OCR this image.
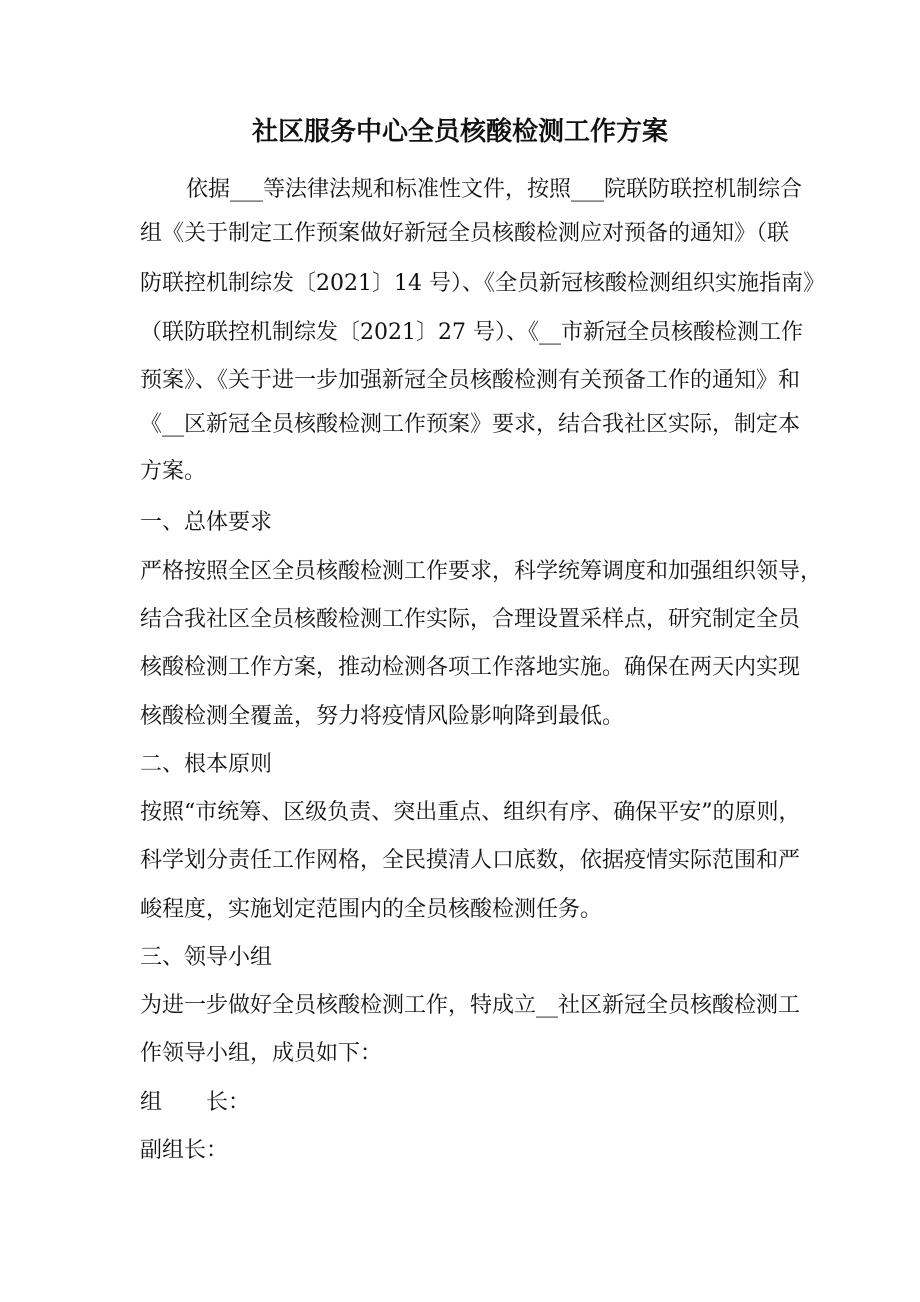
社区服务中心全员核酸检测工作方案
依据___等法律法规和标准性文件，按照___院联防联控机制综合
组《关于制定工作预案做好新冠全员核酸检测应对预备的通知》（联
防联控机制综发〔2021〕14 号）、《全员新冠核酸检测组织实施指南》
（联防联控机制综发〔2021〕27 号）、《__市新冠全员核酸检测工作
预案》、《关于进一步加强新冠全员核酸检测有关预备工作的通知》和
《__区新冠全员核酸检测工作预案》要求，结合我社区实际，制定本
方案。
一、总体要求
严格按照全区全员核酸检测工作要求，科学统筹调度和加强组织领导，
结合我社区全员核酸检测工作实际，合理设置采样点，研究制定全员
核酸检测工作方案，推动检测各项工作落地实施。确保在两天内实现
核酸检测全覆盖，努力将疫情风险影响降到最低。
二、根本原则
按照“市统筹、区级负责、突出重点、组织有序、确保平安”的原则，
科学划分责任工作网格，全民摸清人口底数，依据疫情实际范围和严
峻程度，实施划定范围内的全员核酸检测任务。
三、领导小组
为进一步做好全员核酸检测工作，特成立__社区新冠全员核酸检测工
作领导小组，成员如下：
组　　长：
副组长：
